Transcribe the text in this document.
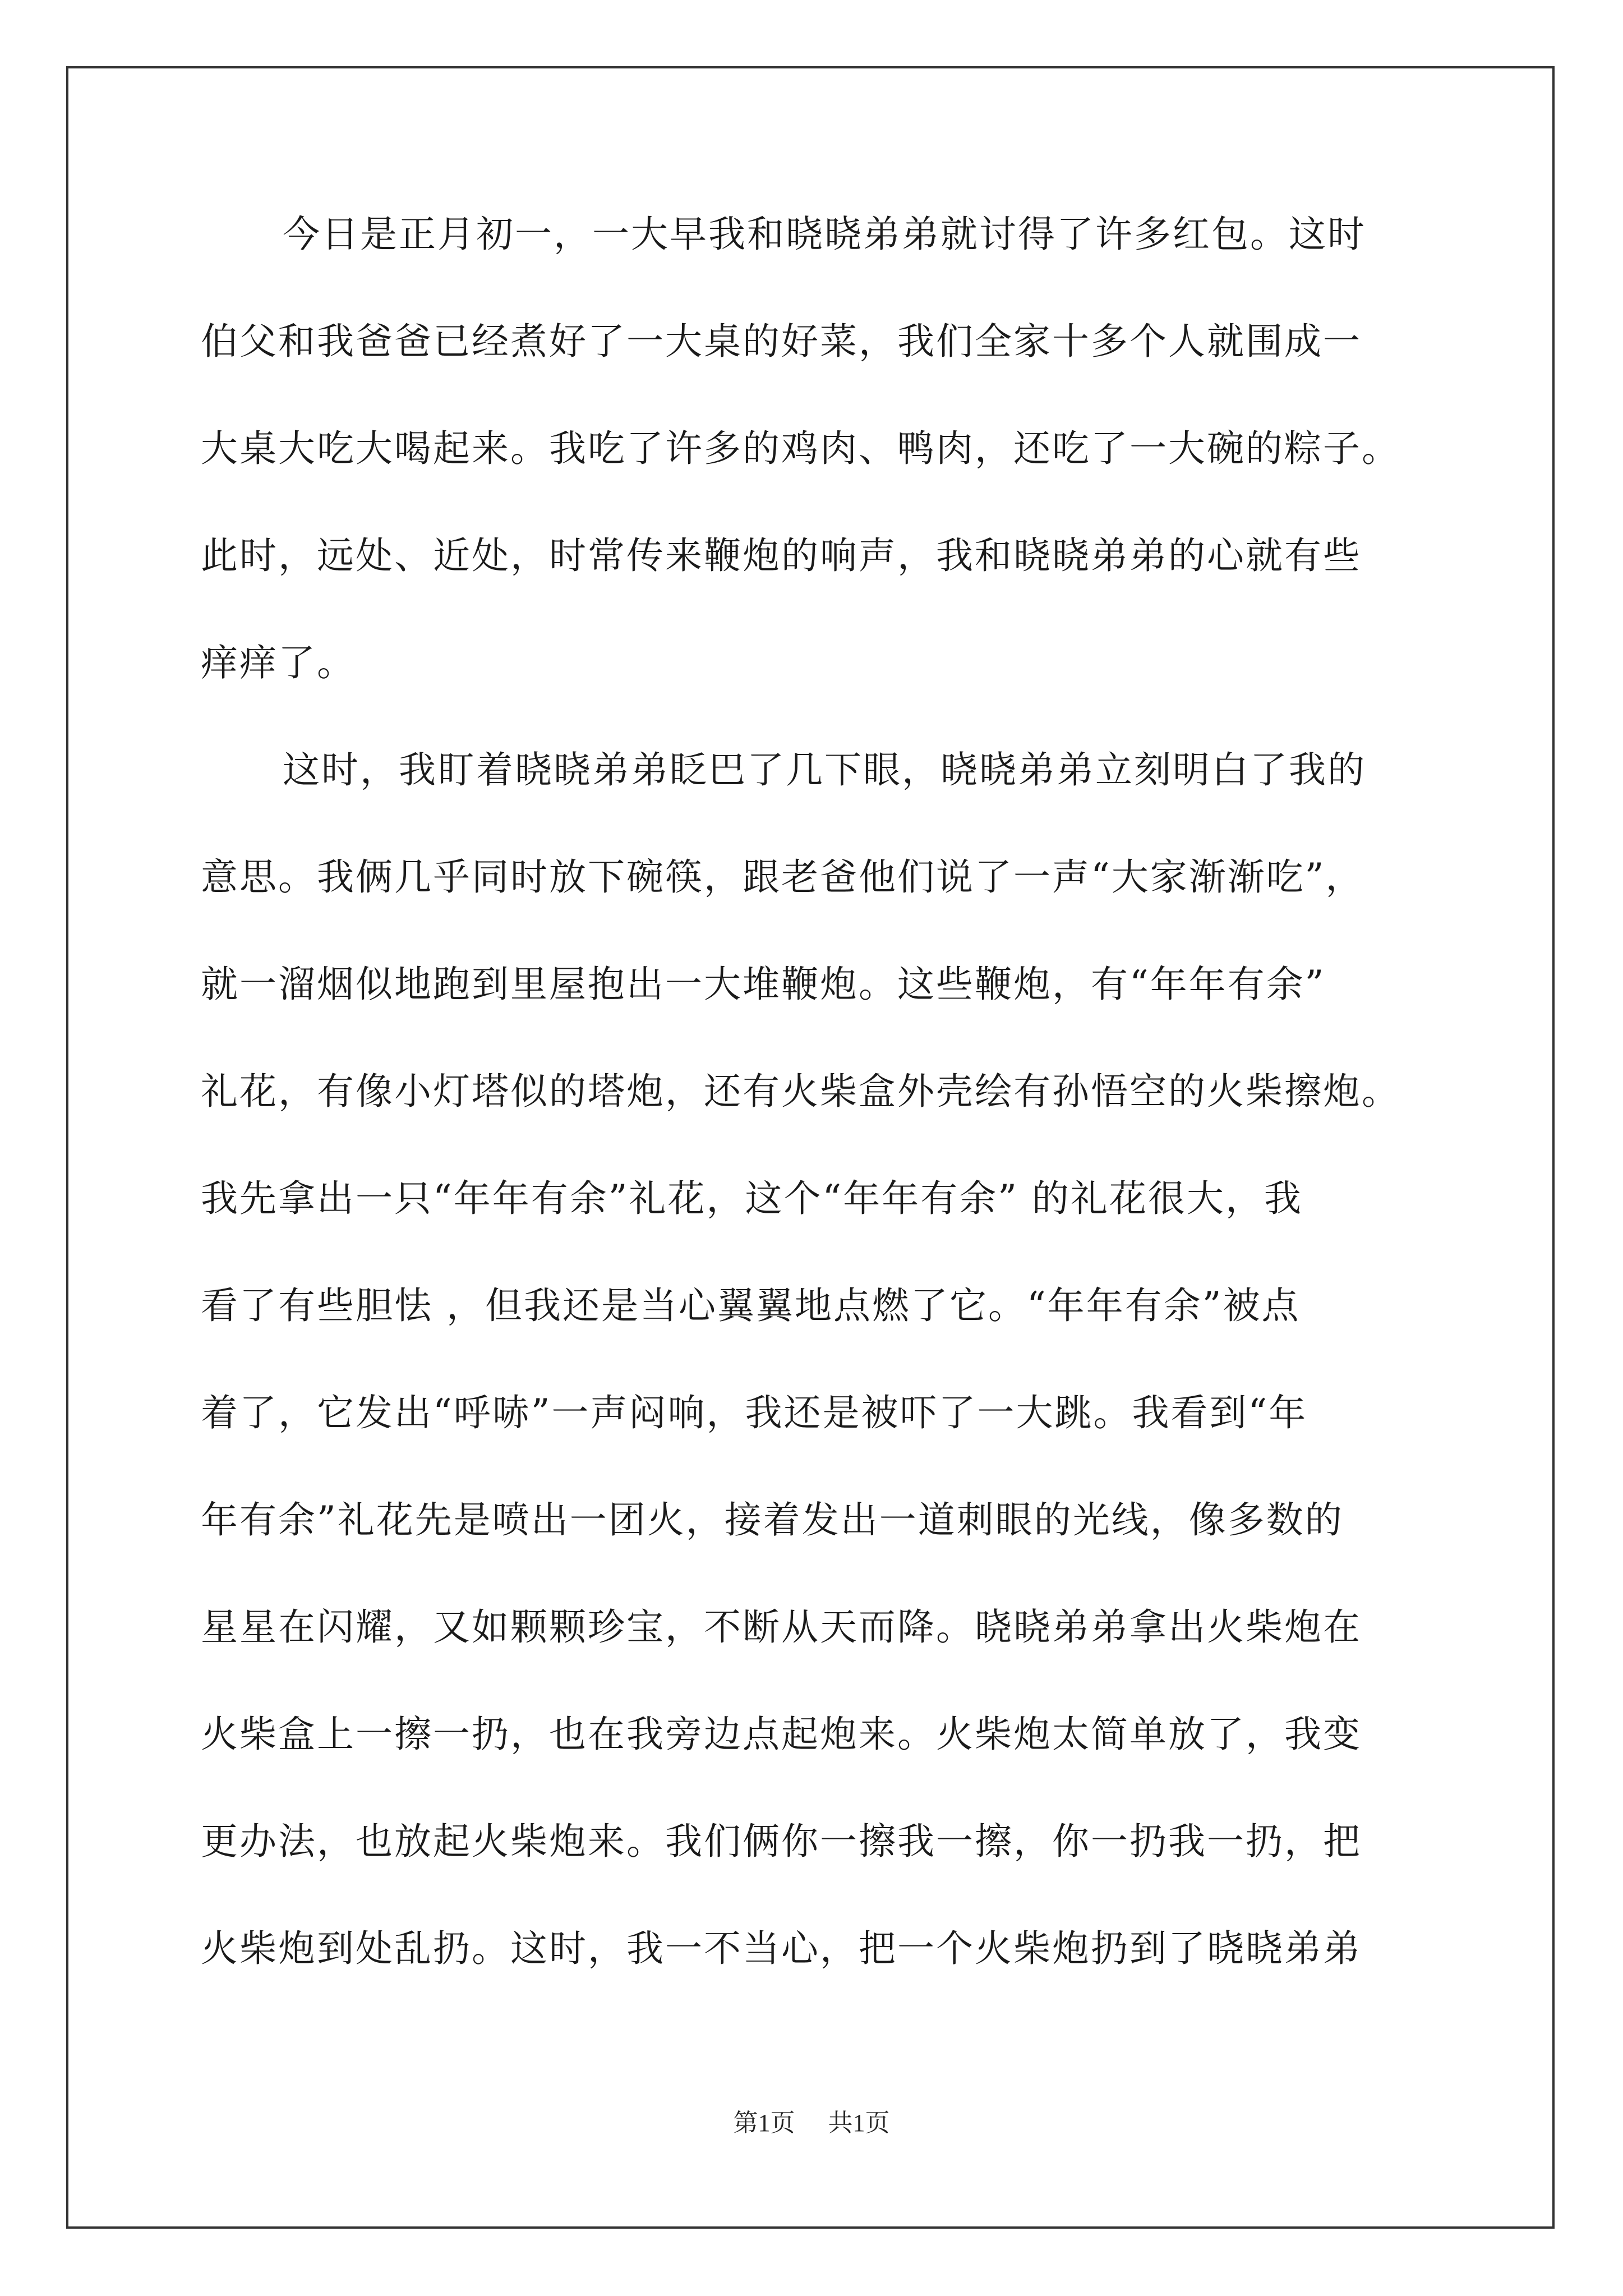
今日是正月初一，一大早我和晓晓弟弟就讨得了许多红包。这时
伯父和我爸爸已经煮好了一大桌的好菜，我们全家十多个人就围成一
大桌大吃大喝起来。我吃了许多的鸡肉、鸭肉，还吃了一大碗的粽子。
此时，远处、近处，时常传来鞭炮的响声，我和晓晓弟弟的心就有些
痒痒了。
这时，我盯着晓晓弟弟眨巴了几下眼，晓晓弟弟立刻明白了我的
意思。我俩几乎同时放下碗筷，跟老爸他们说了一声“大家渐渐吃”，
就一溜烟似地跑到里屋抱出一大堆鞭炮。这些鞭炮，有“年年有余”
礼花，有像小灯塔似的塔炮，还有火柴盒外壳绘有孙悟空的火柴擦炮。
我先拿出一只“年年有余”礼花，这个“年年有余” 的礼花很大，我
看了有些胆怯 ，但我还是当心翼翼地点燃了它。“年年有余”被点
着了，它发出“呼哧”一声闷响，我还是被吓了一大跳。我看到“年
年有余”礼花先是喷出一团火，接着发出一道刺眼的光线，像多数的
星星在闪耀，又如颗颗珍宝，不断从天而降。晓晓弟弟拿出火柴炮在
火柴盒上一擦一扔，也在我旁边点起炮来。火柴炮太简单放了，我变
更办法，也放起火柴炮来。我们俩你一擦我一擦，你一扔我一扔，把
火柴炮到处乱扔。这时，我一不当心，把一个火柴炮扔到了晓晓弟弟
第1页 共1页
